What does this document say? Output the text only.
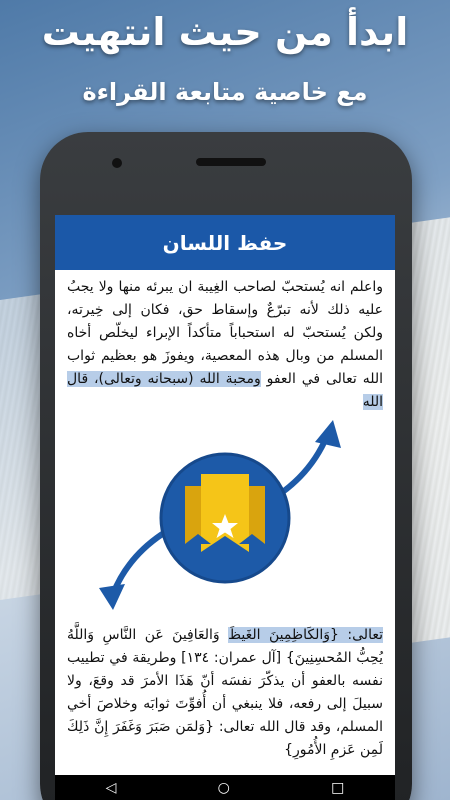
ابدأ من حيث انتهيت
مع خاصية متابعة القراءة
حفظ اللسان
واعلم انه يُستحبّ لصاحب الغِيبة ان يبرئه منها ولا يجبُ عليه ذلك لأنه تبرّعٌ وإسقاط حق، فكان إلى خِيرته، ولكن يُستحبّ له استحباباً متأكداً الإبراء ليخلّص أخاه المسلم من وبال هذه المعصية، ويفوزَ هو بعظيم ثواب الله تعالى في العفو ومحبة الله (سبحانه وتعالى)، قال الله
تعالى: {وَالكَاظِمِينَ الغَيظَ وَالعَافِينَ عَن النَّاسِ وَاللَّهُ يُحِبُّ المُحسِنِينَ} [آل عمران: ١٣٤] وطريقة في تطييب نفسه بالعفو أن يذكّرَ نفسَه أنّ هَذَا الأمرَ قد وقعَ، ولا سبيلَ إلى رفعه، فلا ينبغي أن أُفوِّتَ ثوابَه وخلاصَ أخي المسلم، وقد قال الله تعالى: {وَلمَن صَبَرَ وَغَفَرَ إِنَّ ذَلِكَ لَمِن عَزمِ الأُمُورِ}
◁	○	□
